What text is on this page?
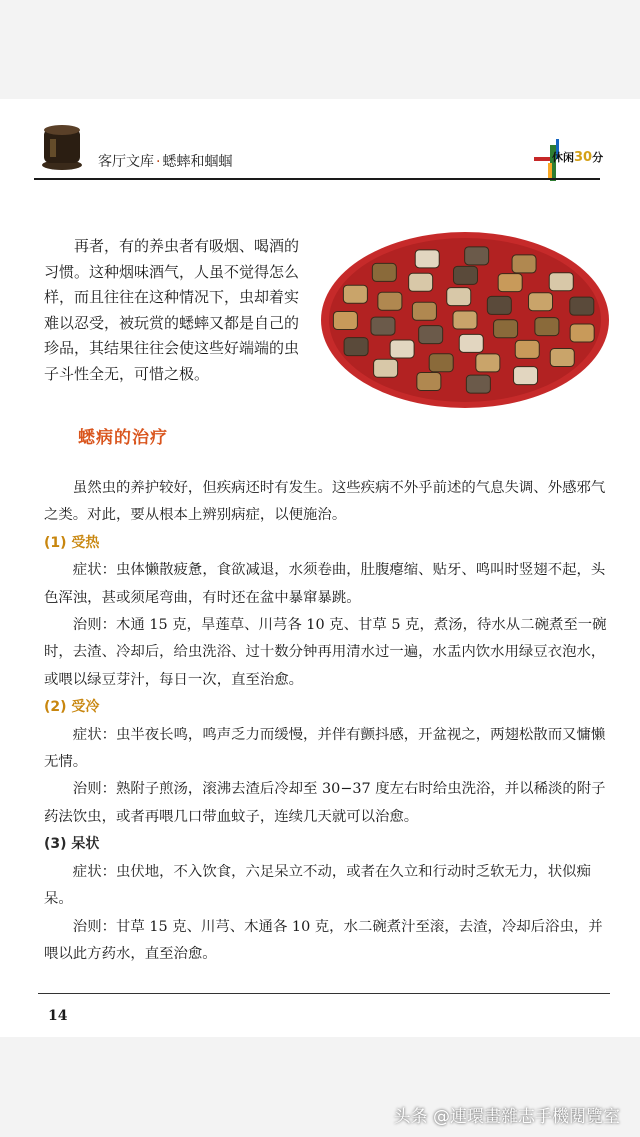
客厅文库 · 蟋蟀和蝈蝈	休闲30分
再者，有的养虫者有吸烟、喝酒的习惯。这种烟味酒气，人虽不觉得怎么样，而且往往在这种情况下，虫却着实难以忍受，被玩赏的蟋蟀又都是自己的珍品，其结果往往会使这些好端端的虫子斗性全无，可惜之极。
蟋病的治疗

虽然虫的养护较好，但疾病还时有发生。这些疾病不外乎前述的气息失调、外感邪气之类。对此，要从根本上辨别病症，以便施治。

(1) 受热

症状：虫体懒散疲惫，食欲减退，水须卷曲，肚腹瘪缩、贴牙、鸣叫时竖翅不起，头色浑浊，甚或须尾弯曲，有时还在盆中暴窜暴跳。

治则：木通 15 克，旱莲草、川芎各 10 克、甘草 5 克，煮汤，待水从二碗煮至一碗时，去渣、冷却后，给虫洗浴、过十数分钟再用清水过一遍，水盂内饮水用绿豆衣泡水，或喂以绿豆芽汁，每日一次，直至治愈。

(2) 受冷

症状：虫半夜长鸣，鸣声乏力而缓慢，并伴有颤抖感，开盆视之，两翅松散而又慵懒无情。

治则：熟附子煎汤，滚沸去渣后冷却至 30−37 度左右时给虫洗浴，并以稀淡的附子药法饮虫，或者再喂几口带血蚊子，连续几天就可以治愈。

(3) 呆状

症状：虫伏地，不入饮食，六足呆立不动，或者在久立和行动时乏软无力，状似痴呆。

治则：甘草 15 克、川芎、木通各 10 克，水二碗煮汁至滚，去渣，冷却后浴虫，并喂以此方药水，直至治愈。

14
头条 @連環畫雜志手機閱覽室
